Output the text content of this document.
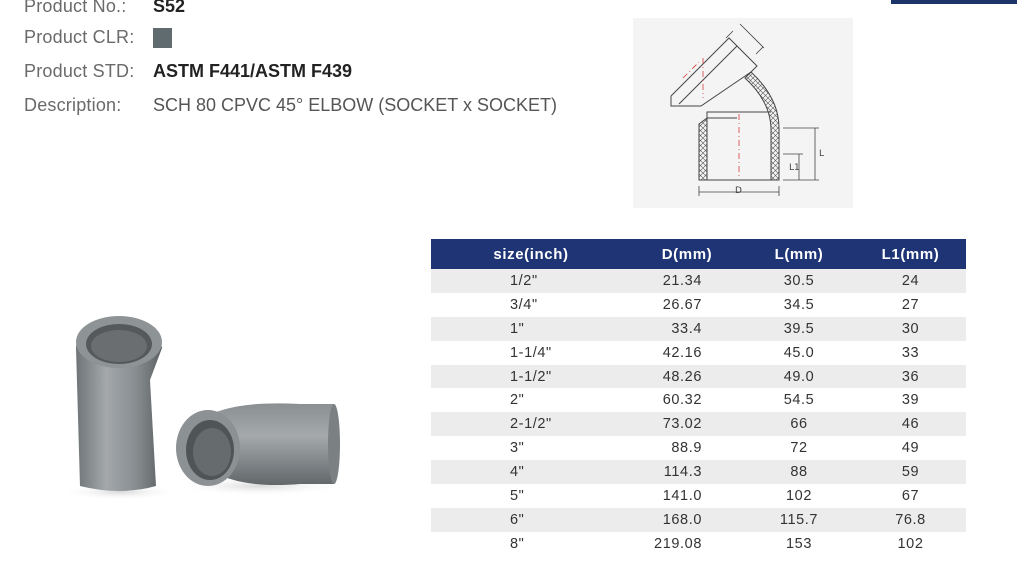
Product No.: S52
Product CLR:
Product STD: ASTM F441/ASTM F439
Description: SCH 80 CPVC 45° ELBOW (SOCKET x SOCKET)
D
L
L1
size(inch)	D(mm)	L(mm)	L1(mm)
1/2"	21.34	30.5	24
3/4"	26.67	34.5	27
1"	33.4	39.5	30
1-1/4"	42.16	45.0	33
1-1/2"	48.26	49.0	36
2"	60.32	54.5	39
2-1/2"	73.02	66	46
3"	88.9	72	49
4"	114.3	88	59
5"	141.0	102	67
6"	168.0	115.7	76.8
8"	219.08	153	102
